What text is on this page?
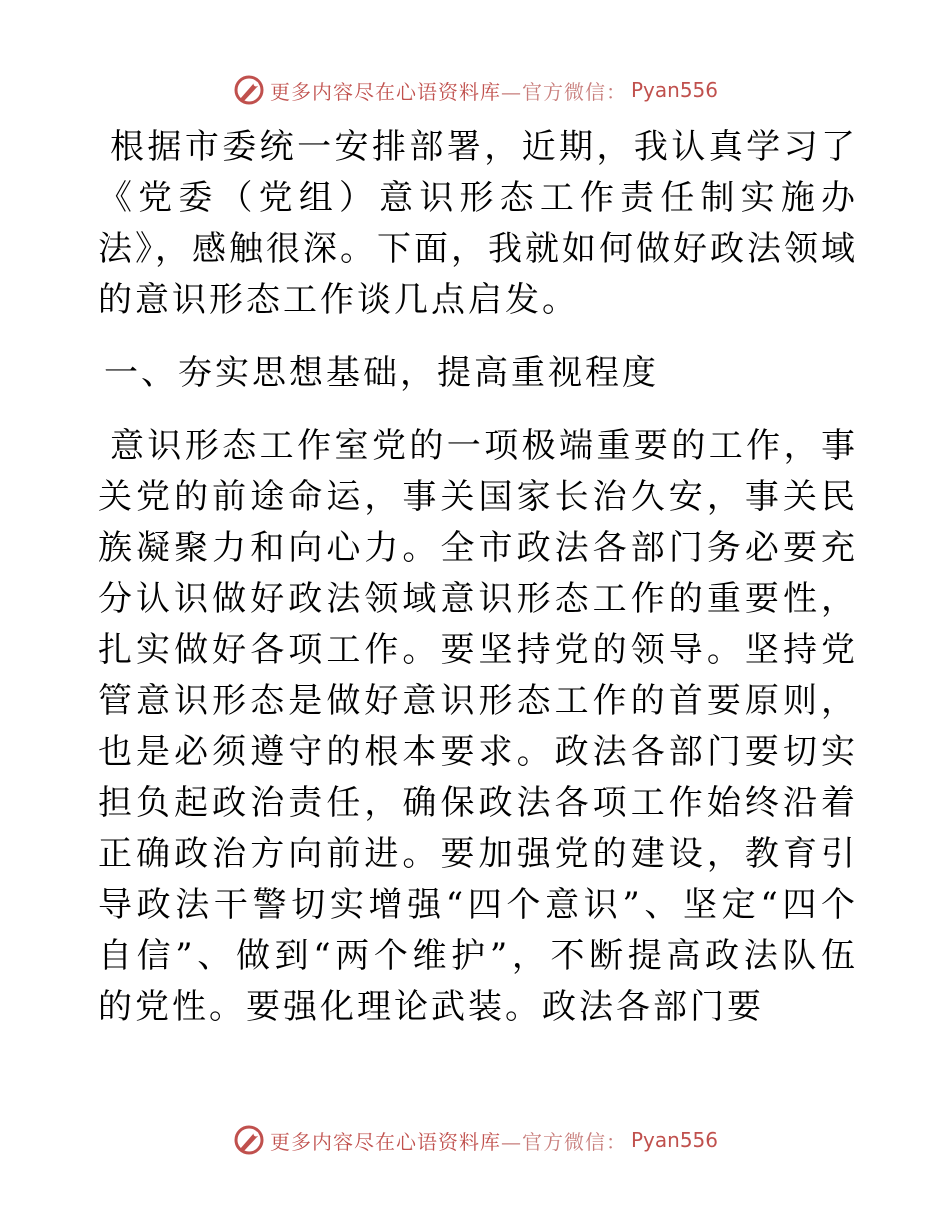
更多内容尽在心语资料库—官方微信： Pyan556

根据市委统一安排部署，近期，我认真学习了《党委（党组）意识形态工作责任制实施办法》，感触很深。下面，我就如何做好政法领域的意识形态工作谈几点启发。

一、夯实思想基础，提高重视程度

意识形态工作室党的一项极端重要的工作，事关党的前途命运，事关国家长治久安，事关民族凝聚力和向心力。全市政法各部门务必要充分认识做好政法领域意识形态工作的重要性，扎实做好各项工作。要坚持党的领导。坚持党管意识形态是做好意识形态工作的首要原则，也是必须遵守的根本要求。政法各部门要切实担负起政治责任，确保政法各项工作始终沿着正确政治方向前进。要加强党的建设，教育引导政法干警切实增强“四个意识”、坚定“四个自信”、做到“两个维护”，不断提高政法队伍的党性。要强化理论武装。政法各部门要

更多内容尽在心语资料库—官方微信： Pyan556
